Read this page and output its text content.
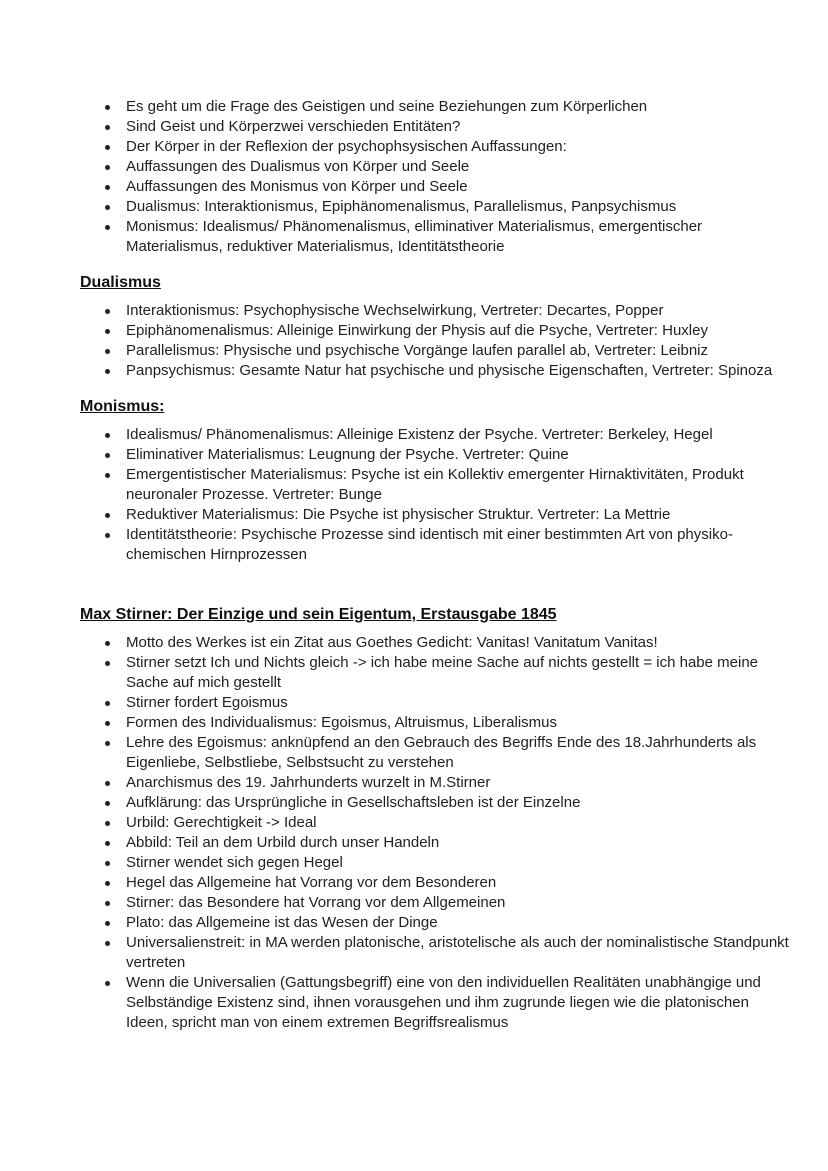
Es geht um die Frage des Geistigen und seine Beziehungen zum Körperlichen
Sind Geist und Körperzwei verschieden Entitäten?
Der Körper in der Reflexion der psychophsysischen Auffassungen:
Auffassungen des Dualismus von Körper und Seele
Auffassungen des Monismus von Körper und Seele
Dualismus: Interaktionismus, Epiphänomenalismus, Parallelismus, Panpsychismus
Monismus: Idealismus/ Phänomenalismus, elliminativer Materialismus, emergentischer Materialismus, reduktiver Materialismus, Identitätstheorie
Dualismus
Interaktionismus: Psychophysische Wechselwirkung, Vertreter: Decartes, Popper
Epiphänomenalismus: Alleinige Einwirkung der Physis auf die Psyche, Vertreter: Huxley
Parallelismus: Physische und psychische Vorgänge laufen parallel ab, Vertreter: Leibniz
Panpsychismus: Gesamte Natur hat psychische und physische Eigenschaften, Vertreter: Spinoza
Monismus:
Idealismus/ Phänomenalismus: Alleinige Existenz der Psyche. Vertreter: Berkeley, Hegel
Eliminativer Materialismus: Leugnung der Psyche. Vertreter: Quine
Emergentistischer Materialismus: Psyche ist ein Kollektiv emergenter Hirnaktivitäten, Produkt neuronaler Prozesse. Vertreter: Bunge
Reduktiver Materialismus: Die Psyche ist physischer Struktur. Vertreter: La Mettrie
Identitätstheorie: Psychische Prozesse sind identisch mit einer bestimmten Art von physiko-chemischen Hirnprozessen
Max Stirner: Der Einzige und sein Eigentum, Erstausgabe 1845
Motto des Werkes ist ein Zitat aus Goethes Gedicht: Vanitas! Vanitatum Vanitas!
Stirner setzt Ich und Nichts gleich -> ich habe meine Sache auf nichts gestellt = ich habe meine Sache auf mich gestellt
Stirner fordert Egoismus
Formen des Individualismus: Egoismus, Altruismus, Liberalismus
Lehre des Egoismus: anknüpfend an den Gebrauch des Begriffs Ende des 18.Jahrhunderts als Eigenliebe, Selbstliebe, Selbstsucht zu verstehen
Anarchismus des 19. Jahrhunderts wurzelt in M.Stirner
Aufklärung: das Ursprüngliche in Gesellschaftsleben ist der Einzelne
Urbild: Gerechtigkeit -> Ideal
Abbild: Teil an dem Urbild durch unser Handeln
Stirner wendet sich gegen Hegel
Hegel das Allgemeine hat Vorrang vor dem Besonderen
Stirner: das Besondere hat Vorrang vor dem Allgemeinen
Plato: das Allgemeine ist das Wesen der Dinge
Universalienstreit: in MA werden platonische, aristotelische als auch der nominalistische Standpunkt vertreten
Wenn die Universalien (Gattungsbegriff) eine von den individuellen Realitäten unabhängige und Selbständige Existenz sind, ihnen vorausgehen und ihm zugrunde liegen wie die platonischen Ideen, spricht man von einem extremen Begriffsrealismus
